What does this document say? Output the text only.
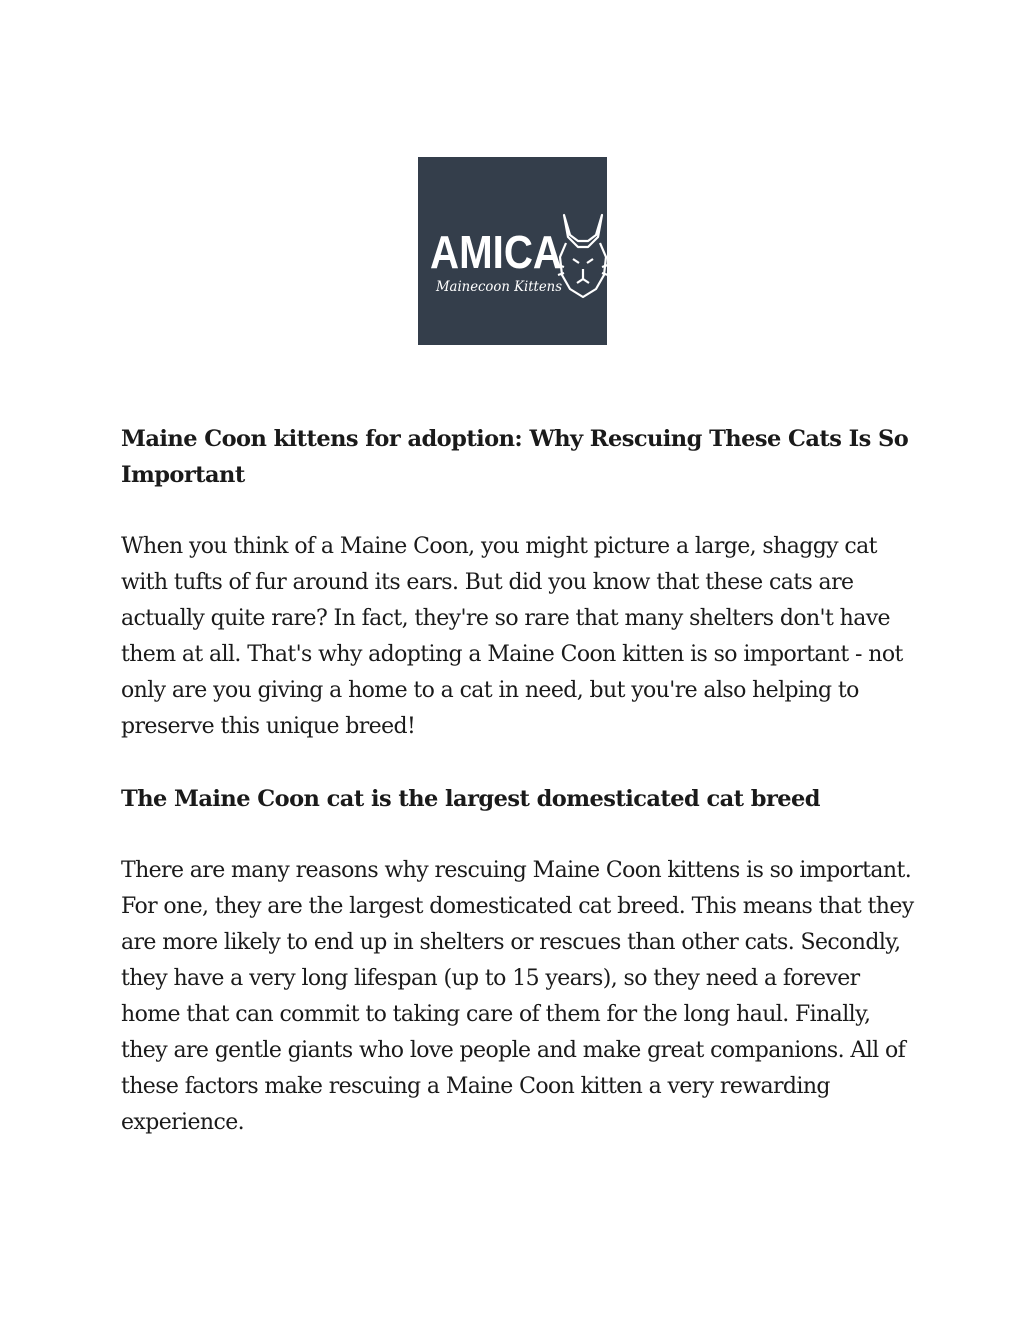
AMICA
Mainecoon Kittens
Maine Coon kittens for adoption: Why Rescuing These Cats Is So Important

When you think of a Maine Coon, you might picture a large, shaggy cat with tufts of fur around its ears. But did you know that these cats are actually quite rare? In fact, they're so rare that many shelters don't have them at all. That's why adopting a Maine Coon kitten is so important - not only are you giving a home to a cat in need, but you're also helping to preserve this unique breed!

The Maine Coon cat is the largest domesticated cat breed

There are many reasons why rescuing Maine Coon kittens is so important. For one, they are the largest domesticated cat breed. This means that they are more likely to end up in shelters or rescues than other cats. Secondly, they have a very long lifespan (up to 15 years), so they need a forever home that can commit to taking care of them for the long haul. Finally, they are gentle giants who love people and make great companions. All of these factors make rescuing a Maine Coon kitten a very rewarding experience.
